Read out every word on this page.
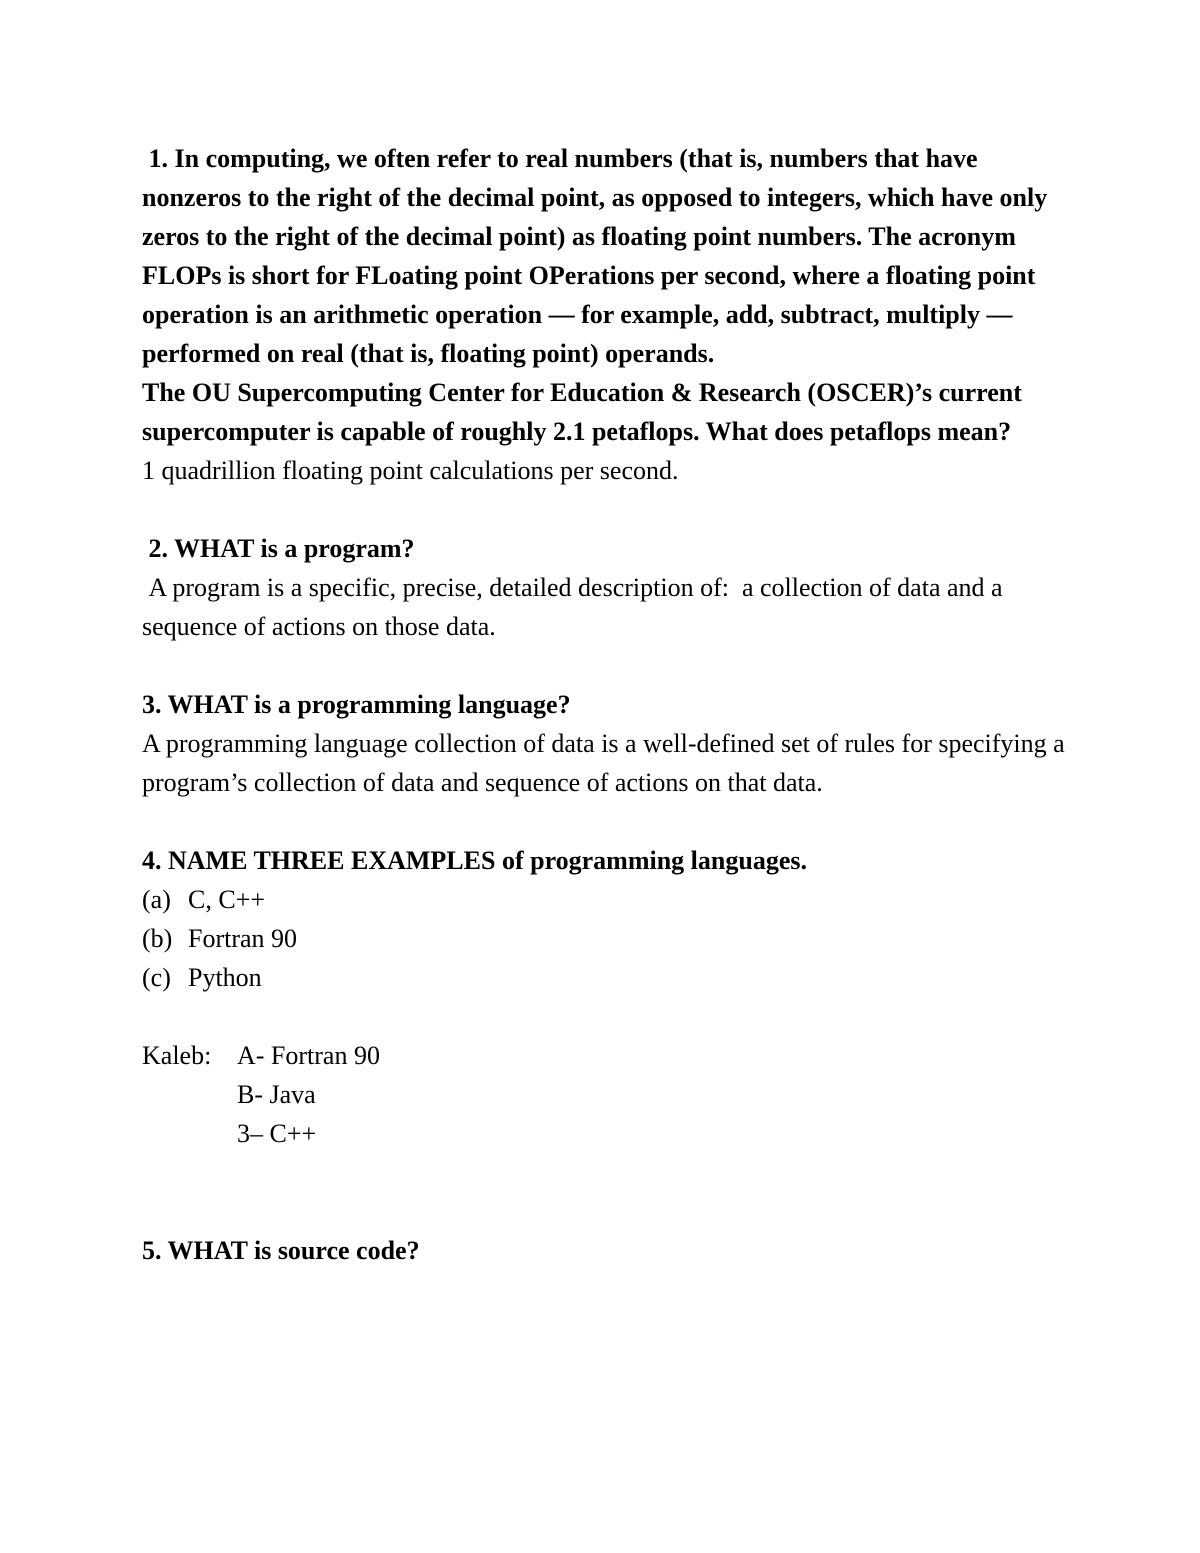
1. In computing, we often refer to real numbers (that is, numbers that have nonzeros to the right of the decimal point, as opposed to integers, which have only zeros to the right of the decimal point) as floating point numbers. The acronym FLOPs is short for FLoating point OPerations per second, where a floating point operation is an arithmetic operation — for example, add, subtract, multiply — performed on real (that is, floating point) operands.

The OU Supercomputing Center for Education & Research (OSCER)’s current supercomputer is capable of roughly 2.1 petaflops. What does petaflops mean?

1 quadrillion floating point calculations per second.

2. WHAT is a program?

A program is a specific, precise, detailed description of:  a collection of data and a sequence of actions on those data.

3. WHAT is a programming language?

A programming language collection of data is a well-defined set of rules for specifying a program’s collection of data and sequence of actions on that data.

4. NAME THREE EXAMPLES of programming languages.

(a) C, C++

(b) Fortran 90

(c) Python

Kaleb: A- Fortran 90

B- Java

3– C++

5. WHAT is source code?
